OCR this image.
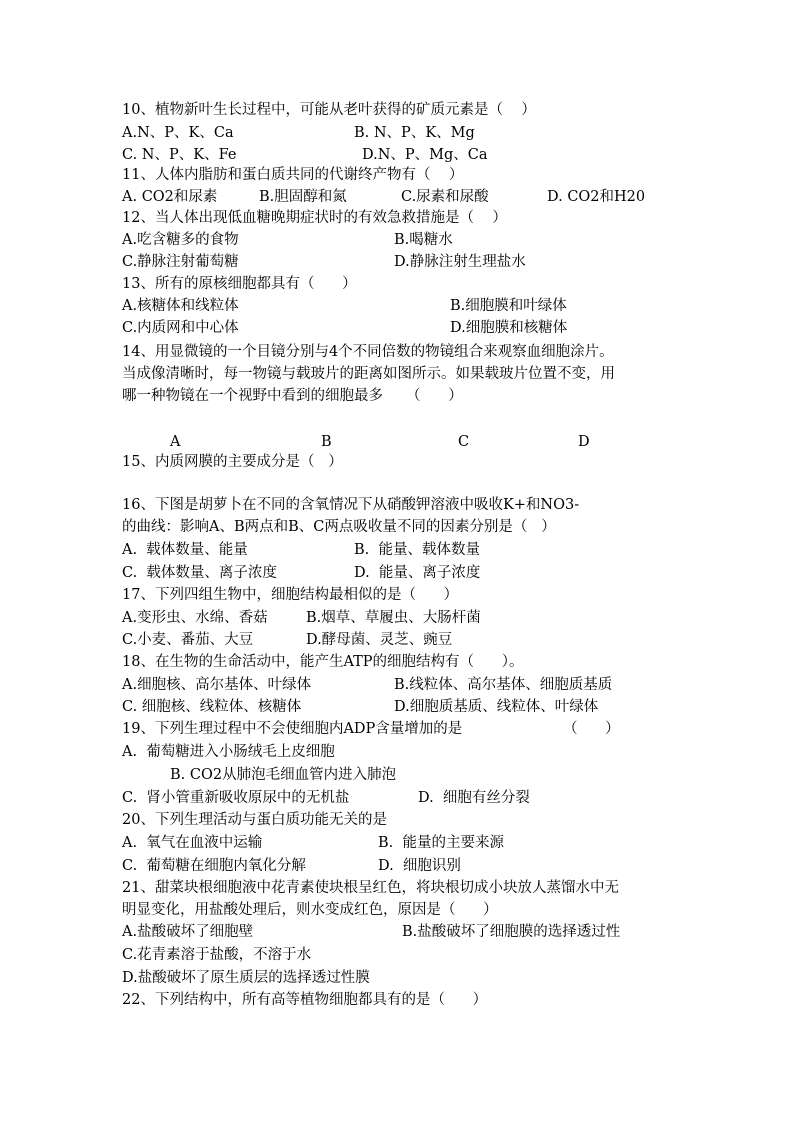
10、植物新叶生长过程中，可能从老叶获得的矿质元素是（    ）
A.N、P、K、Ca	B. N、P、K、Mg
C. N、P、K、Fe	D.N、P、Mg、Ca
11、人体内脂肪和蛋白质共同的代谢终产物有（    ）
A. CO2和尿素	B.胆固醇和氮	C.尿素和尿酸	D. CO2和H20
12、当人体出现低血糖晚期症状时的有效急救措施是（    ）
A.吃含糖多的食物	B.喝糖水
C.静脉注射葡萄糖	D.静脉注射生理盐水
13、所有的原核细胞都具有（      ）
A.核糖体和线粒体	B.细胞膜和叶绿体
C.内质网和中心体	D.细胞膜和核糖体
14、用显微镜的一个目镜分别与4个不同倍数的物镜组合来观察血细胞涂片。
当成像清晰时，每一物镜与载玻片的距离如图所示。如果载玻片位置不变，用
哪一种物镜在一个视野中看到的细胞最多     （      ）
A	B	C	D
15、内质网膜的主要成分是（   ）
16、下图是胡萝卜在不同的含氧情况下从硝酸钾溶液中吸收K+和NO3-
的曲线：影响A、B两点和B、C两点吸收量不同的因素分别是（   ）
A.  载体数量、能量	B.  能量、载体数量
C.  载体数量、离子浓度	D.  能量、离子浓度
17、下列四组生物中，细胞结构最相似的是（      ）
A.变形虫、水绵、香菇	B.烟草、草履虫、大肠杆菌
C.小麦、番茄、大豆	D.酵母菌、灵芝、豌豆
18、在生物的生命活动中，能产生ATP的细胞结构有（      ）。
A.细胞核、高尔基体、叶绿体	B.线粒体、高尔基体、细胞质基质
C. 细胞核、线粒体、核糖体	D.细胞质基质、线粒体、叶绿体
19、下列生理过程中不会使细胞内ADP含量增加的是	（      ）
A.  葡萄糖进入小肠绒毛上皮细胞
B. CO2从肺泡毛细血管内进入肺泡
C.  肾小管重新吸收原尿中的无机盐	D.  细胞有丝分裂
20、下列生理活动与蛋白质功能无关的是
A.  氧气在血液中运输	B.  能量的主要来源
C.  葡萄糖在细胞内氧化分解	D.  细胞识别
21、甜菜块根细胞液中花青素使块根呈红色，将块根切成小块放人蒸馏水中无
明显变化，用盐酸处理后，则水变成红色，原因是（      ）
A.盐酸破坏了细胞壁	B.盐酸破坏了细胞膜的选择透过性
C.花青素溶于盐酸，不溶于水
D.盐酸破坏了原生质层的选择透过性膜
22、下列结构中，所有高等植物细胞都具有的是（      ）
